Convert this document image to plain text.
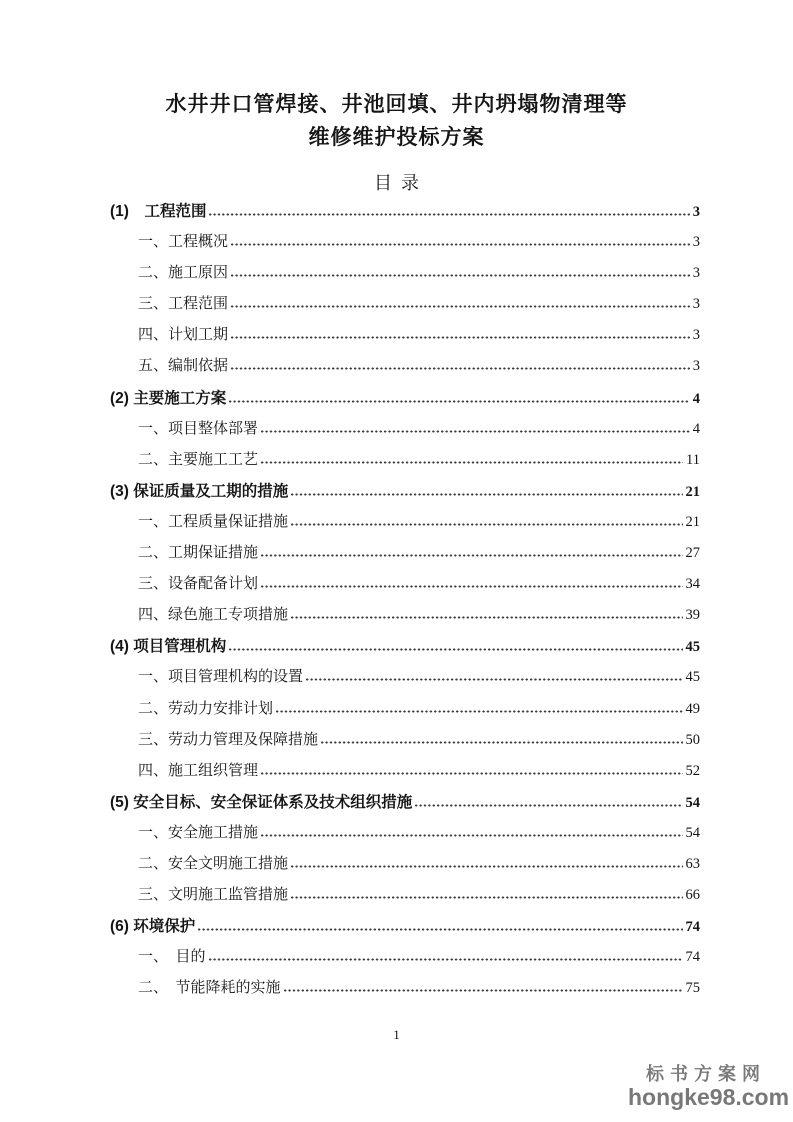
水井井口管焊接、井池回填、井内坍塌物清理等
维修维护投标方案
目录
(1)　工程范围	3
一、工程概况	3
二、施工原因	3
三、工程范围	3
四、计划工期	3
五、编制依据	3
(2) 主要施工方案	4
一、项目整体部署	4
二、主要施工工艺	11
(3) 保证质量及工期的措施	21
一、工程质量保证措施	21
二、工期保证措施	27
三、设备配备计划	34
四、绿色施工专项措施	39
(4) 项目管理机构	45
一、项目管理机构的设置	45
二、劳动力安排计划	49
三、劳动力管理及保障措施	50
四、施工组织管理	52
(5) 安全目标、安全保证体系及技术组织措施	54
一、安全施工措施	54
二、安全文明施工措施	63
三、文明施工监管措施	66
(6) 环境保护	74
一、　目的	74
二、　节能降耗的实施	75
1
标书方案网
hongke98.com
